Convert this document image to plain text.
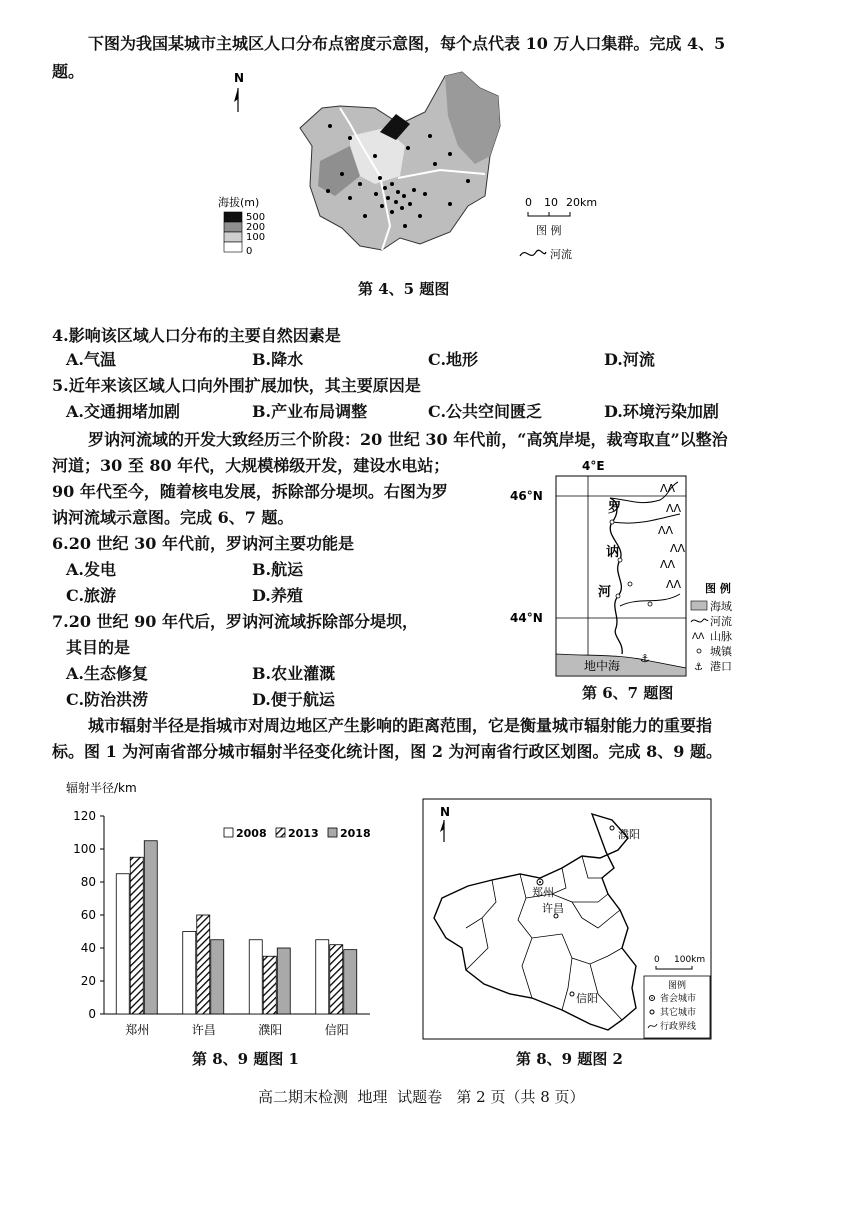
下图为我国某城市主城区人口分布点密度示意图，每个点代表 10 万人口集群。完成 4、5
题。	N
海拔(m)
500
200
100
0
0 10 20km
图 例
河流
第 4、5 题图
4.影响该区域人口分布的主要自然因素是
A.气温	B.降水	C.地形	D.河流
5.近年来该区域人口向外围扩展加快，其主要原因是
A.交通拥堵加剧	B.产业布局调整	C.公共空间匮乏	D.环境污染加剧
罗讷河流域的开发大致经历三个阶段：20 世纪 30 年代前，“高筑岸堤，裁弯取直”以整治
河道；30 至 80 年代，大规模梯级开发，建设水电站；
90 年代至今，随着核电发展，拆除部分堤坝。右图为罗
讷河流域示意图。完成 6、7 题。
6.20 世纪 30 年代前，罗讷河主要功能是
A.发电	B.航运
C.旅游	D.养殖
7.20 世纪 90 年代后，罗讷河流域拆除部分堤坝，
其目的是
A.生态修复	B.农业灌溉
C.防治洪涝	D.便于航运
4°E
46°N
44°N
ΛΛ
ΛΛ
ΛΛ
ΛΛ
ΛΛ
ΛΛ
罗
讷
河
地中海
⚓
图 例
海域
河流
ΛΛ 山脉
城镇
⚓ 港口
第 6、7 题图
城市辐射半径是指城市对周边地区产生影响的距离范围，它是衡量城市辐射能力的重要指
标。图 1 为河南省部分城市辐射半径变化统计图，图 2 为河南省行政区划图。完成 8、9 题。
辐射半径/km
0
20
40
60
80
100
120
郑州	许昌	濮阳	信阳
2008 2013 2018
第 8、9 题图 1
N
郑州
许昌
濮阳
信阳
0 100km
图例
省会城市
其它城市
行政界线
第 8、9 题图 2
高二期末检测  地理  试题卷   第 2 页（共 8 页）
